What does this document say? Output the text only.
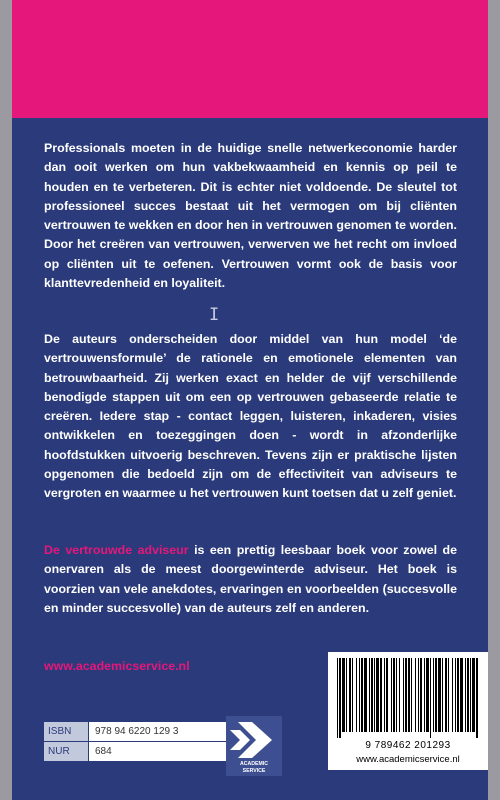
Professionals moeten in de huidige snelle netwerkeconomie harder dan ooit werken om hun vakbekwaamheid en kennis op peil te houden en te verbeteren. Dit is echter niet voldoende. De sleutel tot professioneel succes bestaat uit het vermogen om bij cliënten vertrouwen te wekken en door hen in vertrouwen genomen te worden. Door het creëren van vertrouwen, verwerven we het recht om invloed op cliënten uit te oefenen. Vertrouwen vormt ook de basis voor klanttevredenheid en loyaliteit.

I

De auteurs onderscheiden door middel van hun model ‘de vertrouwensformule’ de rationele en emotionele elementen van betrouwbaarheid. Zij werken exact en helder de vijf verschillende benodigde stappen uit om een op vertrouwen gebaseerde relatie te creëren. Iedere stap - contact leggen, luisteren, inkaderen, visies ontwikkelen en toezeggingen doen - wordt in afzonderlijke hoofdstukken uitvoerig beschreven. Tevens zijn er praktische lijsten opgenomen die bedoeld zijn om de effectiviteit van adviseurs te vergroten en waarmee u het vertrouwen kunt toetsen dat u zelf geniet.

De vertrouwde adviseur is een prettig leesbaar boek voor zowel de onervaren als de meest doorgewinterde adviseur. Het boek is voorzien van vele anekdotes, ervaringen en voorbeelden (succesvolle en minder succesvolle) van de auteurs zelf en anderen.

www.academicservice.nl

ISBN	978 94 6220 129 3
NUR	684
ACADEMIC
SERVICE
9 789462 201293
www.academicservice.nl
